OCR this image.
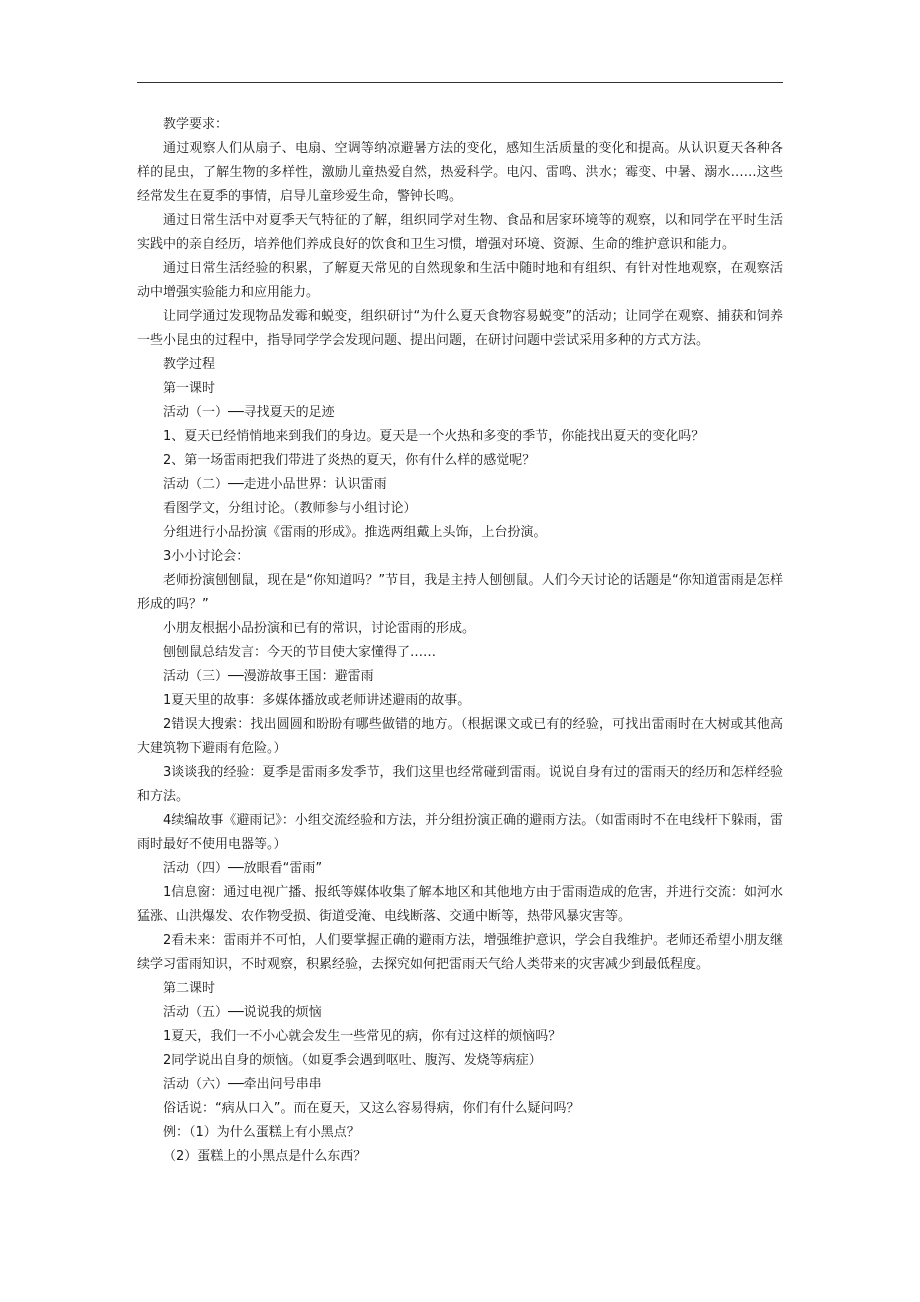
教学要求：

通过观察人们从扇子、电扇、空调等纳凉避暑方法的变化，感知生活质量的变化和提高。从认识夏天各种各样的昆虫，了解生物的多样性，激励儿童热爱自然，热爱科学。电闪、雷鸣、洪水；霉变、中暑、溺水……这些经常发生在夏季的事情，启导儿童珍爱生命，警钟长鸣。

通过日常生活中对夏季天气特征的了解，组织同学对生物、食品和居家环境等的观察，以和同学在平时生活实践中的亲自经历，培养他们养成良好的饮食和卫生习惯，增强对环境、资源、生命的维护意识和能力。

通过日常生活经验的积累，了解夏天常见的自然现象和生活中随时地和有组织、有针对性地观察，在观察活动中增强实验能力和应用能力。

让同学通过发现物品发霉和蜕变，组织研讨“为什么夏天食物容易蜕变”的活动；让同学在观察、捕获和饲养一些小昆虫的过程中，指导同学学会发现问题、提出问题，在研讨问题中尝试采用多种的方式方法。

教学过程

第一课时

活动（一）──寻找夏天的足迹

1、夏天已经悄悄地来到我们的身边。夏天是一个火热和多变的季节，你能找出夏天的变化吗？

2、第一场雷雨把我们带进了炎热的夏天，你有什么样的感觉呢？

活动（二）──走进小品世界：认识雷雨

看图学文，分组讨论。（教师参与小组讨论）

分组进行小品扮演《雷雨的形成》。推选两组戴上头饰，上台扮演。

3小小讨论会：

老师扮演刨刨鼠，现在是“你知道吗？”节目，我是主持人刨刨鼠。人们今天讨论的话题是“你知道雷雨是怎样形成的吗？”

小朋友根据小品扮演和已有的常识，讨论雷雨的形成。

刨刨鼠总结发言：今天的节目使大家懂得了……

活动（三）──漫游故事王国：避雷雨

1夏天里的故事：多媒体播放或老师讲述避雨的故事。

2错误大搜索：找出圆圆和盼盼有哪些做错的地方。（根据课文或已有的经验，可找出雷雨时在大树或其他高大建筑物下避雨有危险。）

3谈谈我的经验：夏季是雷雨多发季节，我们这里也经常碰到雷雨。说说自身有过的雷雨天的经历和怎样经验和方法。

4续编故事《避雨记》：小组交流经验和方法，并分组扮演正确的避雨方法。（如雷雨时不在电线杆下躲雨，雷雨时最好不使用电器等。）

活动（四）──放眼看“雷雨”

1信息窗：通过电视广播、报纸等媒体收集了解本地区和其他地方由于雷雨造成的危害，并进行交流：如河水猛涨、山洪爆发、农作物受损、街道受淹、电线断落、交通中断等，热带风暴灾害等。

2看未来：雷雨并不可怕，人们要掌握正确的避雨方法，增强维护意识，学会自我维护。老师还希望小朋友继续学习雷雨知识，不时观察，积累经验，去探究如何把雷雨天气给人类带来的灾害减少到最低程度。

第二课时

活动（五）──说说我的烦恼

1夏天，我们一不小心就会发生一些常见的病，你有过这样的烦恼吗？

2同学说出自身的烦恼。（如夏季会遇到呕吐、腹泻、发烧等病症）

活动（六）──牵出问号串串

俗话说：“病从口入”。而在夏天，又这么容易得病，你们有什么疑问吗？

例：（1）为什么蛋糕上有小黑点？

（2）蛋糕上的小黑点是什么东西？
